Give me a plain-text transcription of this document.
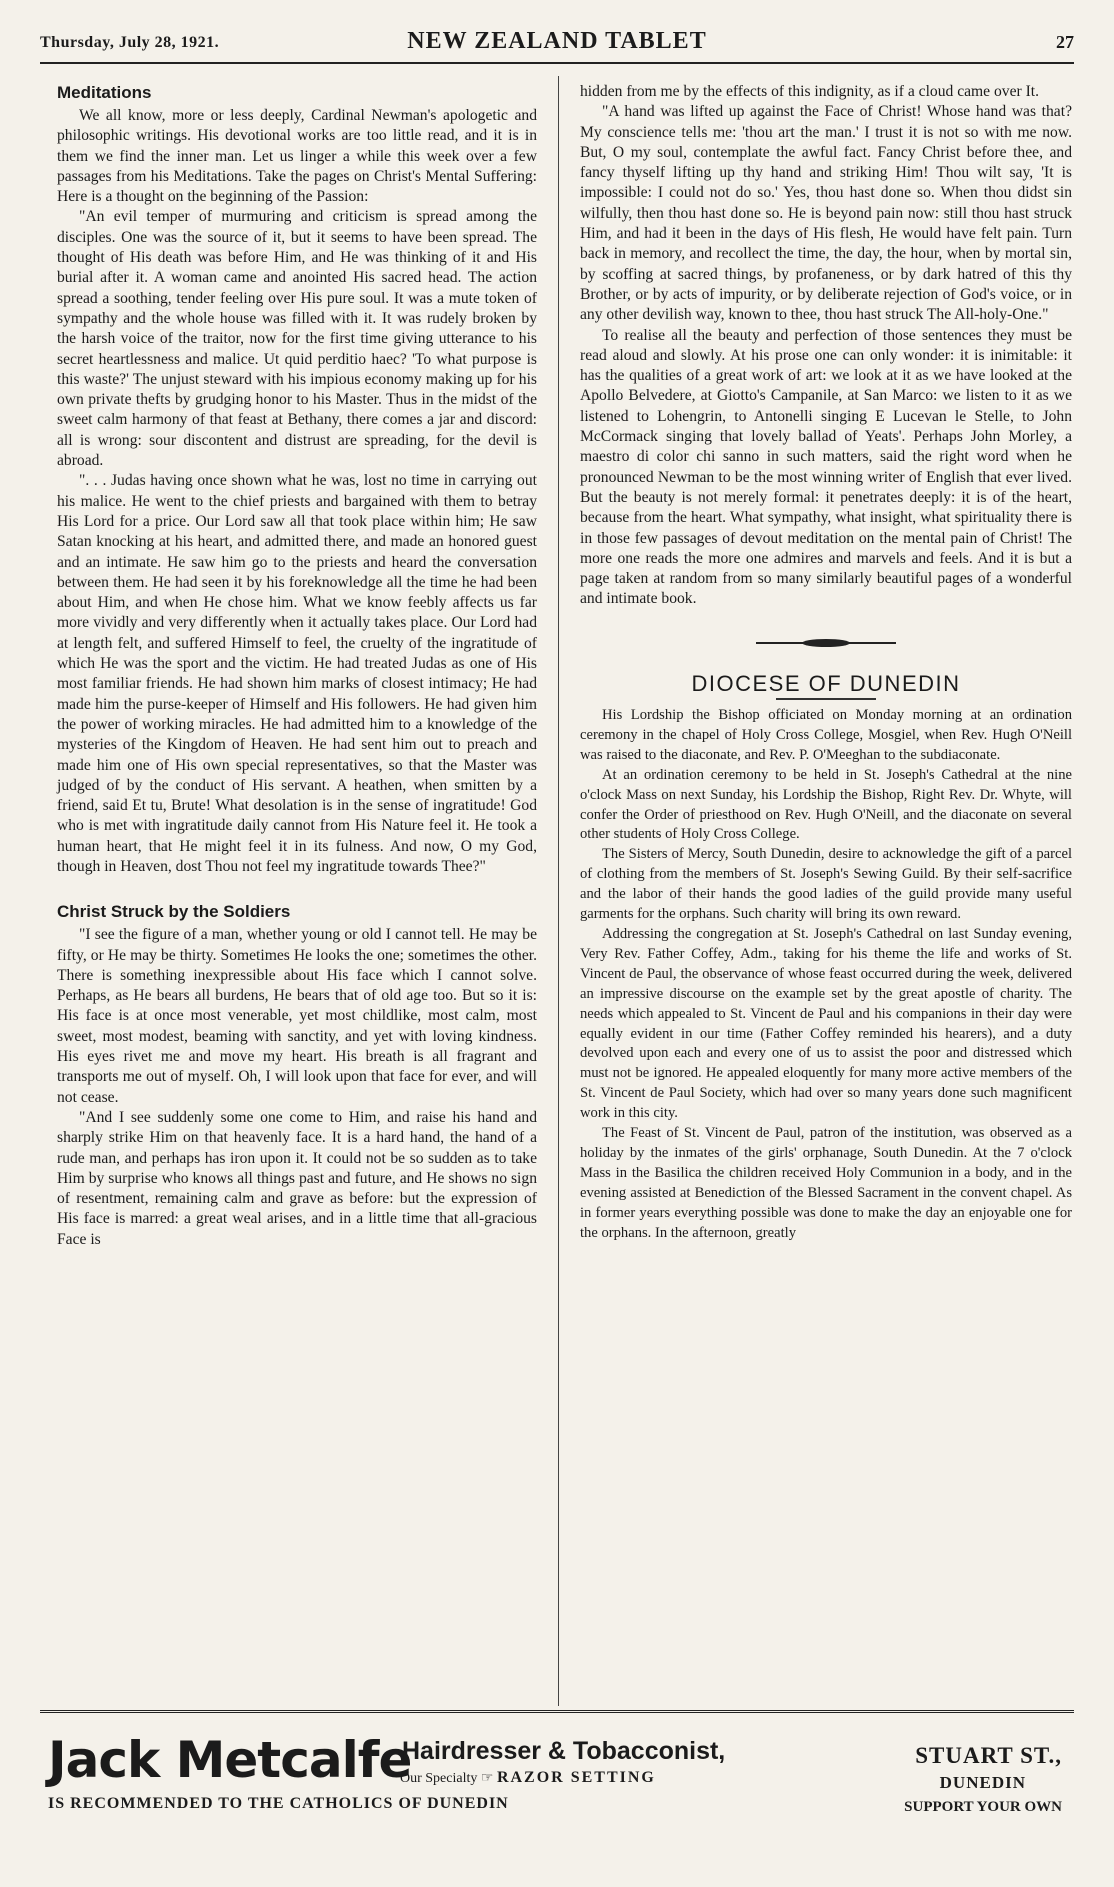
Thursday, July 28, 1921.	NEW ZEALAND TABLET	27
Meditations

We all know, more or less deeply, Cardinal Newman's apologetic and philosophic writings. His devotional works are too little read, and it is in them we find the inner man. Let us linger a while this week over a few passages from his Meditations. Take the pages on Christ's Mental Suffering: Here is a thought on the beginning of the Passion:

"An evil temper of murmuring and criticism is spread among the disciples. One was the source of it, but it seems to have been spread. The thought of His death was before Him, and He was thinking of it and His burial after it. A woman came and anointed His sacred head. The action spread a soothing, tender feeling over His pure soul. It was a mute token of sympathy and the whole house was filled with it. It was rudely broken by the harsh voice of the traitor, now for the first time giving utterance to his secret heartlessness and malice. Ut quid perditio haec? 'To what purpose is this waste?' The unjust steward with his impious economy making up for his own private thefts by grudging honor to his Master. Thus in the midst of the sweet calm harmony of that feast at Bethany, there comes a jar and discord: all is wrong: sour discontent and distrust are spreading, for the devil is abroad.

". . . Judas having once shown what he was, lost no time in carrying out his malice. He went to the chief priests and bargained with them to betray His Lord for a price. Our Lord saw all that took place within him; He saw Satan knocking at his heart, and admitted there, and made an honored guest and an intimate. He saw him go to the priests and heard the conversation between them. He had seen it by his foreknowledge all the time he had been about Him, and when He chose him. What we know feebly affects us far more vividly and very differently when it actually takes place. Our Lord had at length felt, and suffered Himself to feel, the cruelty of the ingratitude of which He was the sport and the victim. He had treated Judas as one of His most familiar friends. He had shown him marks of closest intimacy; He had made him the purse-keeper of Himself and His followers. He had given him the power of working miracles. He had admitted him to a knowledge of the mysteries of the Kingdom of Heaven. He had sent him out to preach and made him one of His own special representatives, so that the Master was judged of by the conduct of His servant. A heathen, when smitten by a friend, said Et tu, Brute! What desolation is in the sense of ingratitude! God who is met with ingratitude daily cannot from His Nature feel it. He took a human heart, that He might feel it in its fulness. And now, O my God, though in Heaven, dost Thou not feel my ingratitude towards Thee?"

Christ Struck by the Soldiers

"I see the figure of a man, whether young or old I cannot tell. He may be fifty, or He may be thirty. Sometimes He looks the one; sometimes the other. There is something inexpressible about His face which I cannot solve. Perhaps, as He bears all burdens, He bears that of old age too. But so it is: His face is at once most venerable, yet most childlike, most calm, most sweet, most modest, beaming with sanctity, and yet with loving kindness. His eyes rivet me and move my heart. His breath is all fragrant and transports me out of myself. Oh, I will look upon that face for ever, and will not cease.

"And I see suddenly some one come to Him, and raise his hand and sharply strike Him on that heavenly face. It is a hard hand, the hand of a rude man, and perhaps has iron upon it. It could not be so sudden as to take Him by surprise who knows all things past and future, and He shows no sign of resentment, remaining calm and grave as before: but the expression of His face is marred: a great weal arises, and in a little time that all-gracious Face is

hidden from me by the effects of this indignity, as if a cloud came over It.

"A hand was lifted up against the Face of Christ! Whose hand was that? My conscience tells me: 'thou art the man.' I trust it is not so with me now. But, O my soul, contemplate the awful fact. Fancy Christ before thee, and fancy thyself lifting up thy hand and striking Him! Thou wilt say, 'It is impossible: I could not do so.' Yes, thou hast done so. When thou didst sin wilfully, then thou hast done so. He is beyond pain now: still thou hast struck Him, and had it been in the days of His flesh, He would have felt pain. Turn back in memory, and recollect the time, the day, the hour, when by mortal sin, by scoffing at sacred things, by profaneness, or by dark hatred of this thy Brother, or by acts of impurity, or by deliberate rejection of God's voice, or in any other devilish way, known to thee, thou hast struck The All-holy-One."

To realise all the beauty and perfection of those sentences they must be read aloud and slowly. At his prose one can only wonder: it is inimitable: it has the qualities of a great work of art: we look at it as we have looked at the Apollo Belvedere, at Giotto's Campanile, at San Marco: we listen to it as we listened to Lohengrin, to Antonelli singing E Lucevan le Stelle, to John McCormack singing that lovely ballad of Yeats'. Perhaps John Morley, a maestro di color chi sanno in such matters, said the right word when he pronounced Newman to be the most winning writer of English that ever lived. But the beauty is not merely formal: it penetrates deeply: it is of the heart, because from the heart. What sympathy, what insight, what spirituality there is in those few passages of devout meditation on the mental pain of Christ! The more one reads the more one admires and marvels and feels. And it is but a page taken at random from so many similarly beautiful pages of a wonderful and intimate book.

DIOCESE OF DUNEDIN

His Lordship the Bishop officiated on Monday morning at an ordination ceremony in the chapel of Holy Cross College, Mosgiel, when Rev. Hugh O'Neill was raised to the diaconate, and Rev. P. O'Meeghan to the subdiaconate.

At an ordination ceremony to be held in St. Joseph's Cathedral at the nine o'clock Mass on next Sunday, his Lordship the Bishop, Right Rev. Dr. Whyte, will confer the Order of priesthood on Rev. Hugh O'Neill, and the diaconate on several other students of Holy Cross College.

The Sisters of Mercy, South Dunedin, desire to acknowledge the gift of a parcel of clothing from the members of St. Joseph's Sewing Guild. By their self-sacrifice and the labor of their hands the good ladies of the guild provide many useful garments for the orphans. Such charity will bring its own reward.

Addressing the congregation at St. Joseph's Cathedral on last Sunday evening, Very Rev. Father Coffey, Adm., taking for his theme the life and works of St. Vincent de Paul, the observance of whose feast occurred during the week, delivered an impressive discourse on the example set by the great apostle of charity. The needs which appealed to St. Vincent de Paul and his companions in their day were equally evident in our time (Father Coffey reminded his hearers), and a duty devolved upon each and every one of us to assist the poor and distressed which must not be ignored. He appealed eloquently for many more active members of the St. Vincent de Paul Society, which had over so many years done such magnificent work in this city.

The Feast of St. Vincent de Paul, patron of the institution, was observed as a holiday by the inmates of the girls' orphanage, South Dunedin. At the 7 o'clock Mass in the Basilica the children received Holy Communion in a body, and in the evening assisted at Benediction of the Blessed Sacrament in the convent chapel. As in former years everything possible was done to make the day an enjoyable one for the orphans. In the afternoon, greatly

Jack Metcalfe
Hairdresser & Tobacconist,	STUART ST.,
Our Specialty ☞ RAZOR SETTING
IS RECOMMENDED TO THE CATHOLICS OF DUNEDIN
DUNEDIN
SUPPORT YOUR OWN
